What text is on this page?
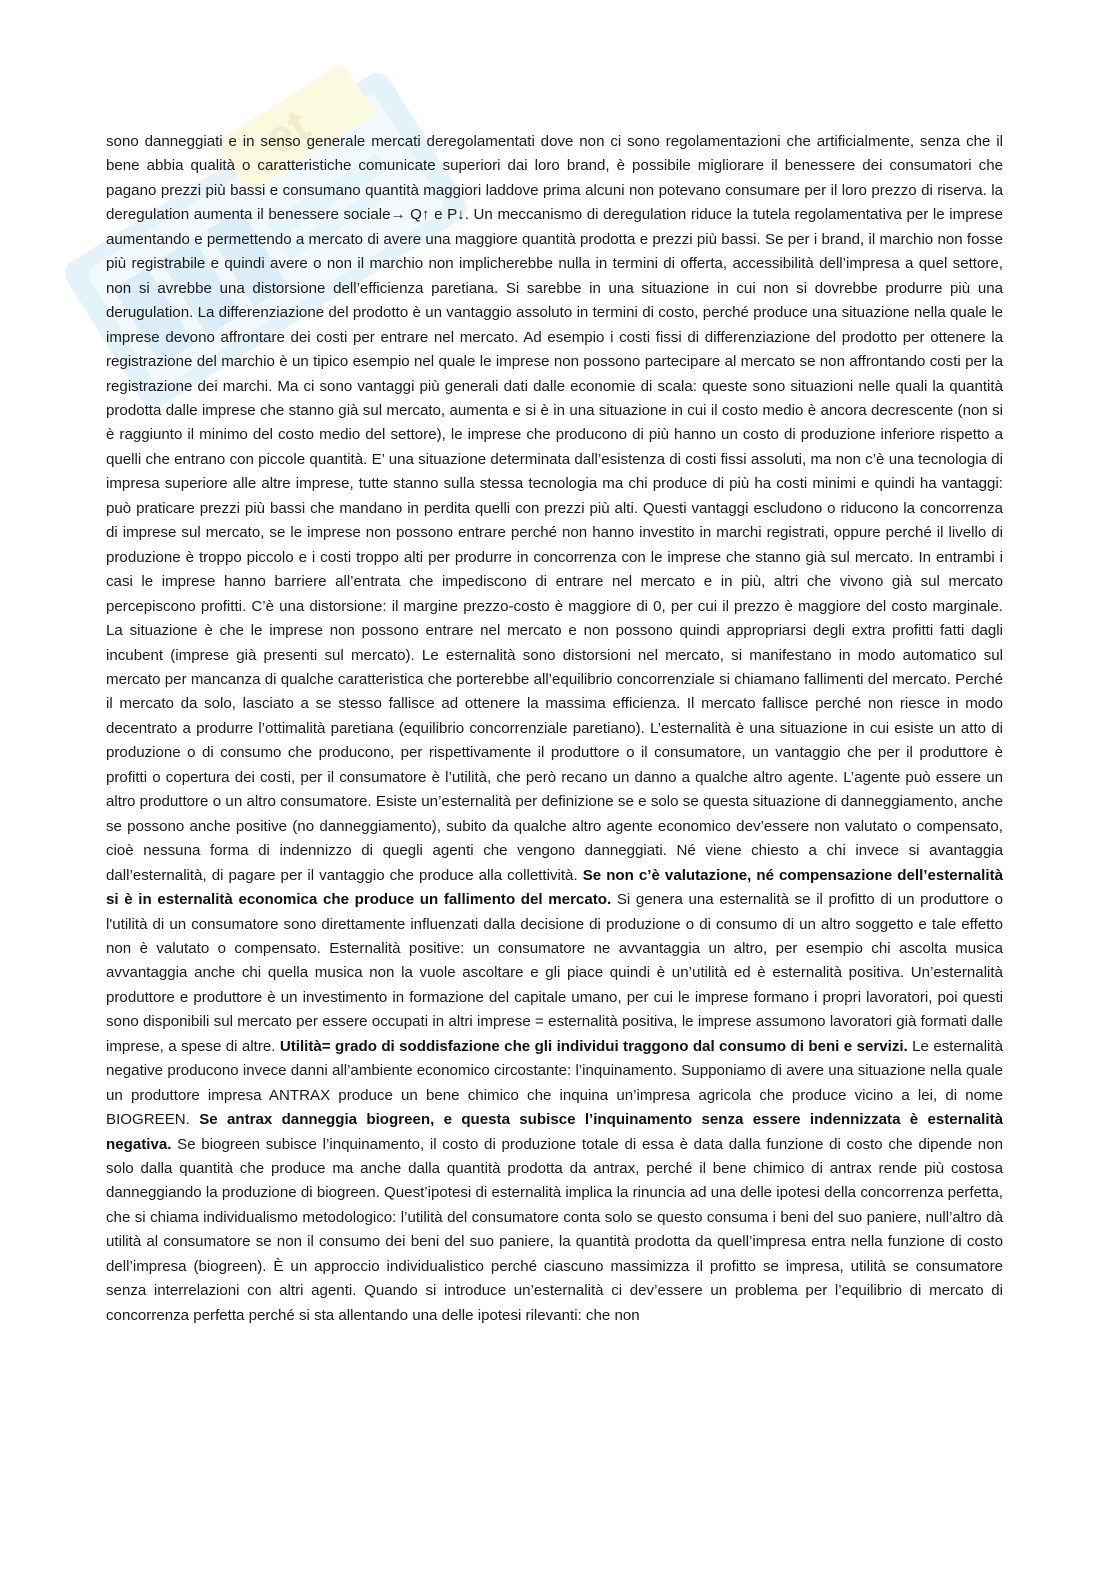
et

sono danneggiati e in senso generale mercati deregolamentati dove non ci sono regolamentazioni che artificialmente, senza che il bene abbia qualità o caratteristiche comunicate superiori dai loro brand, è possibile migliorare il benessere dei consumatori che pagano prezzi più bassi e consumano quantità maggiori laddove prima alcuni non potevano consumare per il loro prezzo di riserva. la deregulation aumenta il benessere sociale→ Q↑ e P↓. Un meccanismo di deregulation riduce la tutela regolamentativa per le imprese aumentando e permettendo a mercato di avere una maggiore quantità prodotta e prezzi più bassi. Se per i brand, il marchio non fosse più registrabile e quindi avere o non il marchio non implicherebbe nulla in termini di offerta, accessibilità dell’impresa a quel settore, non si avrebbe una distorsione dell’efficienza paretiana. Si sarebbe in una situazione in cui non si dovrebbe produrre più una derugulation. La differenziazione del prodotto è un vantaggio assoluto in termini di costo, perché produce una situazione nella quale le imprese devono affrontare dei costi per entrare nel mercato. Ad esempio i costi fissi di differenziazione del prodotto per ottenere la registrazione del marchio è un tipico esempio nel quale le imprese non possono partecipare al mercato se non affrontando costi per la registrazione dei marchi. Ma ci sono vantaggi più generali dati dalle economie di scala: queste sono situazioni nelle quali la quantità prodotta dalle imprese che stanno già sul mercato, aumenta e si è in una situazione in cui il costo medio è ancora decrescente (non si è raggiunto il minimo del costo medio del settore), le imprese che producono di più hanno un costo di produzione inferiore rispetto a quelli che entrano con piccole quantità. E’ una situazione determinata dall’esistenza di costi fissi assoluti, ma non c’è una tecnologia di impresa superiore alle altre imprese, tutte stanno sulla stessa tecnologia ma chi produce di più ha costi minimi e quindi ha vantaggi: può praticare prezzi più bassi che mandano in perdita quelli con prezzi più alti. Questi vantaggi escludono o riducono la concorrenza di imprese sul mercato, se le imprese non possono entrare perché non hanno investito in marchi registrati, oppure perché il livello di produzione è troppo piccolo e i costi troppo alti per produrre in concorrenza con le imprese che stanno già sul mercato. In entrambi i casi le imprese hanno barriere all’entrata che impediscono di entrare nel mercato e in più, altri che vivono già sul mercato percepiscono profitti. C’è una distorsione: il margine prezzo-costo è maggiore di 0, per cui il prezzo è maggiore del costo marginale. La situazione è che le imprese non possono entrare nel mercato e non possono quindi appropriarsi degli extra profitti fatti dagli incubent (imprese già presenti sul mercato). Le esternalità sono distorsioni nel mercato, si manifestano in modo automatico sul mercato per mancanza di qualche caratteristica che porterebbe all’equilibrio concorrenziale si chiamano fallimenti del mercato. Perché il mercato da solo, lasciato a se stesso fallisce ad ottenere la massima efficienza. Il mercato fallisce perché non riesce in modo decentrato a produrre l’ottimalità paretiana (equilibrio concorrenziale paretiano). L’esternalità è una situazione in cui esiste un atto di produzione o di consumo che producono, per rispettivamente il produttore o il consumatore, un vantaggio che per il produttore è profitti o copertura dei costi, per il consumatore è l’utilità, che però recano un danno a qualche altro agente. L’agente può essere un altro produttore o un altro consumatore. Esiste un’esternalità per definizione se e solo se questa situazione di danneggiamento, anche se possono anche positive (no danneggiamento), subito da qualche altro agente economico dev’essere non valutato o compensato, cioè nessuna forma di indennizzo di quegli agenti che vengono danneggiati. Né viene chiesto a chi invece si avantaggia dall’esternalità, di pagare per il vantaggio che produce alla collettività. Se non c’è valutazione, né compensazione dell’esternalità si è in esternalità economica che produce un fallimento del mercato. Si genera una esternalità se il profitto di un produttore o l'utilità di un consumatore sono direttamente influenzati dalla decisione di produzione o di consumo di un altro soggetto e tale effetto non è valutato o compensato. Esternalità positive: un consumatore ne avvantaggia un altro, per esempio chi ascolta musica avvantaggia anche chi quella musica non la vuole ascoltare e gli piace quindi è un’utilità ed è esternalità positiva. Un’esternalità produttore e produttore è un investimento in formazione del capitale umano, per cui le imprese formano i propri lavoratori, poi questi sono disponibili sul mercato per essere occupati in altri imprese = esternalità positiva, le imprese assumono lavoratori già formati dalle imprese, a spese di altre. Utilità= grado di soddisfazione che gli individui traggono dal consumo di beni e servizi. Le esternalità negative producono invece danni all’ambiente economico circostante: l’inquinamento. Supponiamo di avere una situazione nella quale un produttore impresa ANTRAX produce un bene chimico che inquina un’impresa agricola che produce vicino a lei, di nome BIOGREEN. Se antrax danneggia biogreen, e questa subisce l’inquinamento senza essere indennizzata è esternalità negativa. Se biogreen subisce l’inquinamento, il costo di produzione totale di essa è data dalla funzione di costo che dipende non solo dalla quantità che produce ma anche dalla quantità prodotta da antrax, perché il bene chimico di antrax rende più costosa danneggiando la produzione di biogreen. Quest’ipotesi di esternalità implica la rinuncia ad una delle ipotesi della concorrenza perfetta, che si chiama individualismo metodologico: l’utilità del consumatore conta solo se questo consuma i beni del suo paniere, null’altro dà utilità al consumatore se non il consumo dei beni del suo paniere, la quantità prodotta da quell’impresa entra nella funzione di costo dell’impresa (biogreen). È un approccio individualistico perché ciascuno massimizza il profitto se impresa, utilità se consumatore senza interrelazioni con altri agenti. Quando si introduce un’esternalità ci dev’essere un problema per l’equilibrio di mercato di concorrenza perfetta perché si sta allentando una delle ipotesi rilevanti: che non
